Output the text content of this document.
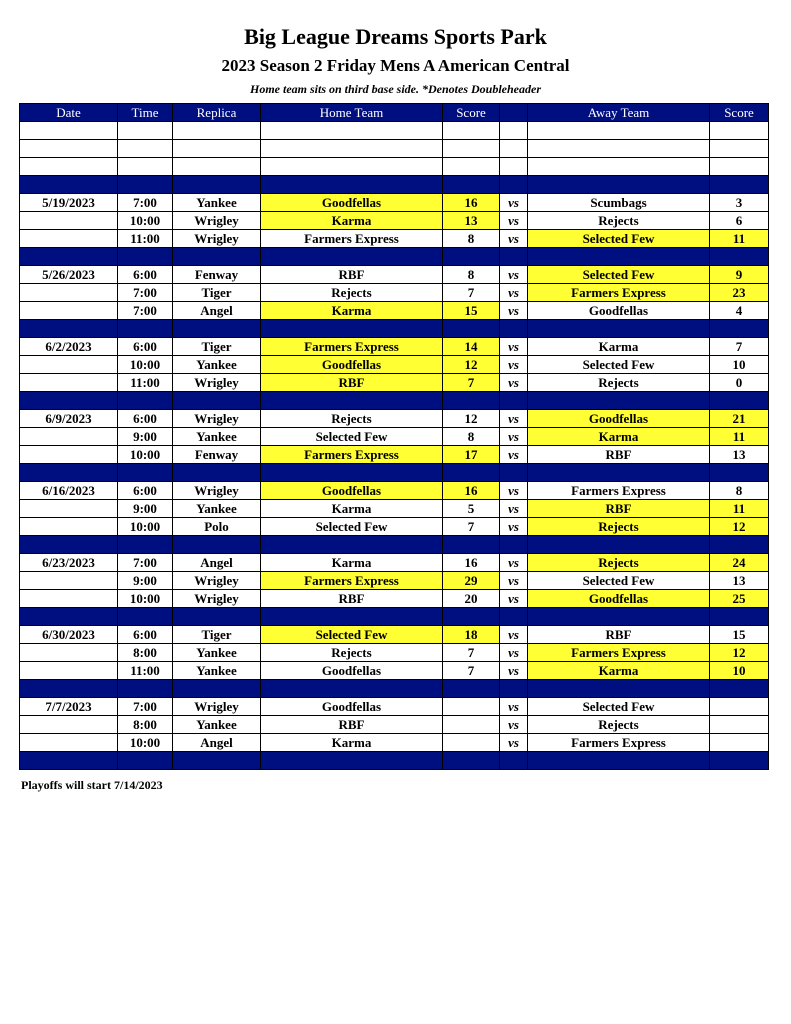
Big League Dreams Sports Park
2023 Season 2 Friday Mens A American Central
Home team sits on third base side. *Denotes Doubleheader
Date	Time	Replica	Home Team	Score		Away Team	Score

5/19/2023	7:00	Yankee	Goodfellas	16	vs	Scumbags	3
	10:00	Wrigley	Karma	13	vs	Rejects	6
	11:00	Wrigley	Farmers Express	8	vs	Selected Few	11

5/26/2023	6:00	Fenway	RBF	8	vs	Selected Few	9
	7:00	Tiger	Rejects	7	vs	Farmers Express	23
	7:00	Angel	Karma	15	vs	Goodfellas	4

6/2/2023	6:00	Tiger	Farmers Express	14	vs	Karma	7
	10:00	Yankee	Goodfellas	12	vs	Selected Few	10
	11:00	Wrigley	RBF	7	vs	Rejects	0

6/9/2023	6:00	Wrigley	Rejects	12	vs	Goodfellas	21
	9:00	Yankee	Selected Few	8	vs	Karma	11
	10:00	Fenway	Farmers Express	17	vs	RBF	13

6/16/2023	6:00	Wrigley	Goodfellas	16	vs	Farmers Express	8
	9:00	Yankee	Karma	5	vs	RBF	11
	10:00	Polo	Selected Few	7	vs	Rejects	12

6/23/2023	7:00	Angel	Karma	16	vs	Rejects	24
	9:00	Wrigley	Farmers Express	29	vs	Selected Few	13
	10:00	Wrigley	RBF	20	vs	Goodfellas	25

6/30/2023	6:00	Tiger	Selected Few	18	vs	RBF	15
	8:00	Yankee	Rejects	7	vs	Farmers Express	12
	11:00	Yankee	Goodfellas	7	vs	Karma	10

7/7/2023	7:00	Wrigley	Goodfellas		vs	Selected Few	
	8:00	Yankee	RBF		vs	Rejects	
	10:00	Angel	Karma		vs	Farmers Express	

Playoffs will start 7/14/2023
